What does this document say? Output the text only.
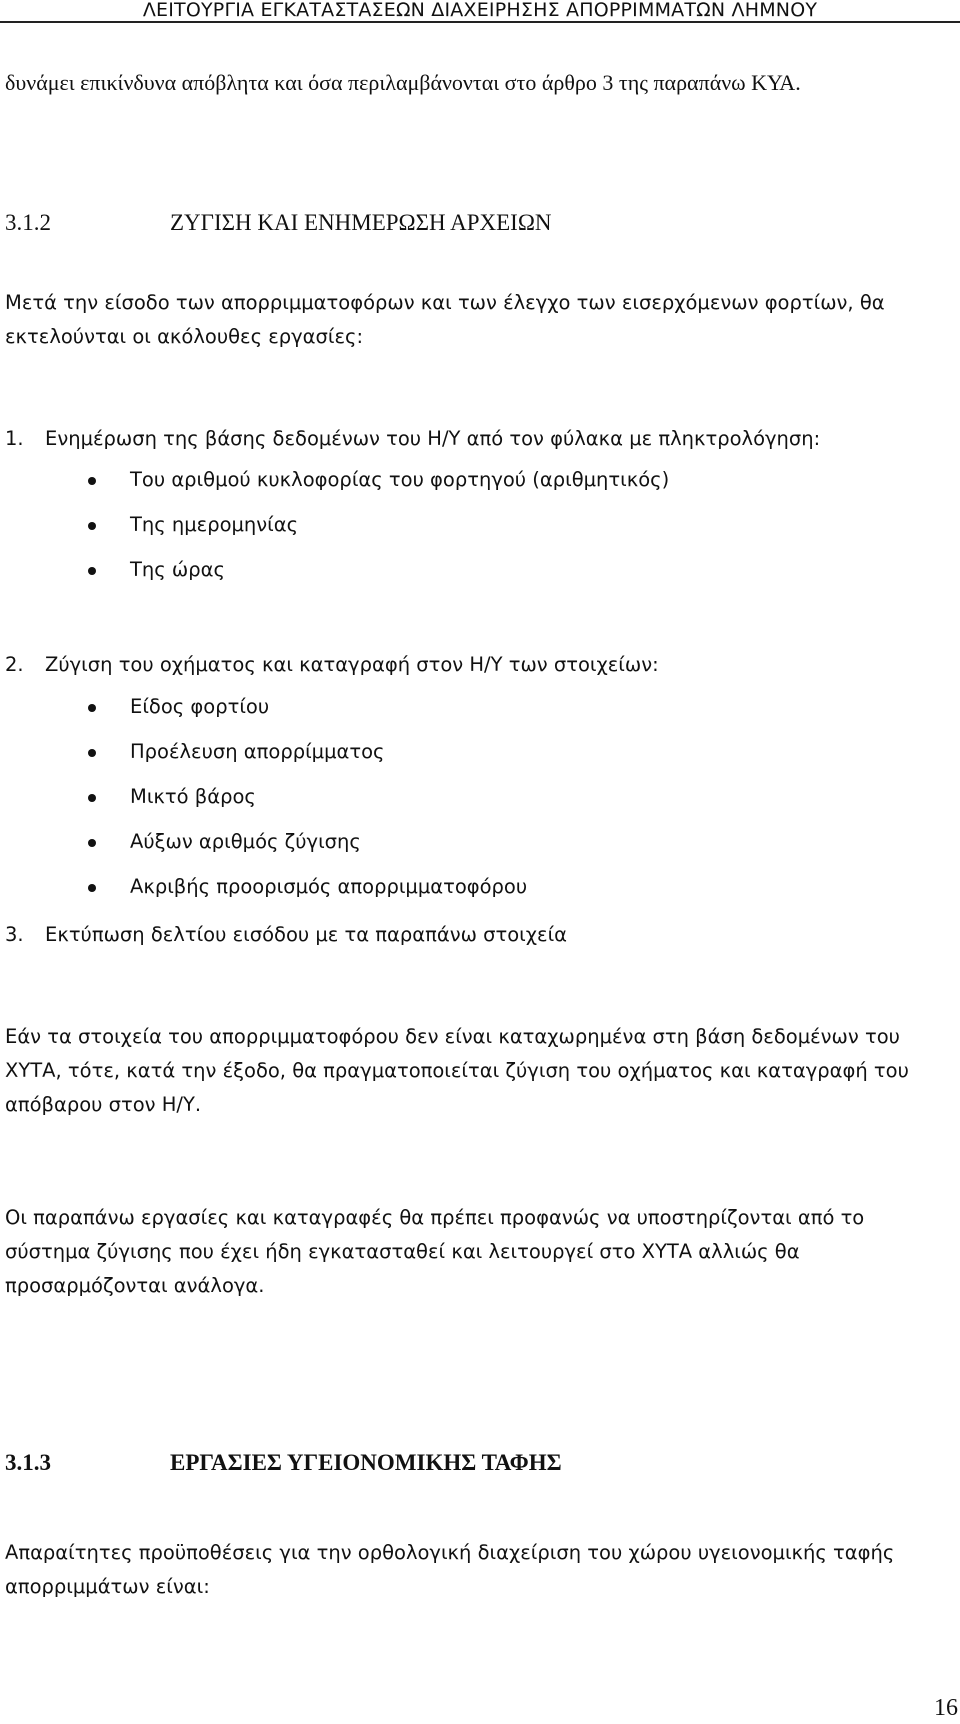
ΛΕΙΤΟΥΡΓΙΑ ΕΓΚΑΤΑΣΤΑΣΕΩΝ ΔΙΑΧΕΙΡΗΣΗΣ ΑΠΟΡΡΙΜΜΑΤΩΝ ΛΗΜΝΟΥ

δυνάμει επικίνδυνα απόβλητα και όσα περιλαμβάνονται στο άρθρο 3 της παραπάνω ΚΥΑ.

3.1.2	ΖΥΓΙΣΗ ΚΑΙ ΕΝΗΜΕΡΩΣΗ ΑΡΧΕΙΩΝ

Μετά την είσοδο των απορριμματοφόρων και των έλεγχο των εισερχόμενων φορτίων, θα εκτελούνται οι ακόλουθες εργασίες:

1. Ενημέρωση της βάσης δεδομένων του Η/Υ από τον φύλακα με πληκτρολόγηση:

Του αριθμού κυκλοφορίας του φορτηγού (αριθμητικός)
Της ημερομηνίας
Της ώρας

2. Ζύγιση του οχήματος και καταγραφή στον Η/Υ των στοιχείων:

Είδος φορτίου
Προέλευση απορρίμματος
Μικτό βάρος
Αύξων αριθμός ζύγισης
Ακριβής προορισμός απορριμματοφόρου

3. Εκτύπωση δελτίου εισόδου με τα παραπάνω στοιχεία

Εάν τα στοιχεία του απορριμματοφόρου δεν είναι καταχωρημένα στη βάση δεδομένων του ΧΥΤΑ, τότε, κατά την έξοδο, θα πραγματοποιείται ζύγιση του οχήματος και καταγραφή του απόβαρου στον Η/Υ.

Οι παραπάνω εργασίες και καταγραφές θα πρέπει προφανώς να υποστηρίζονται από το σύστημα ζύγισης που έχει ήδη εγκατασταθεί και λειτουργεί στο ΧΥΤΑ αλλιώς θα προσαρμόζονται ανάλογα.

3.1.3	ΕΡΓΑΣΙΕΣ ΥΓΕΙΟΝΟΜΙΚΗΣ ΤΑΦΗΣ

Απαραίτητες προϋποθέσεις για την ορθολογική διαχείριση του χώρου υγειονομικής ταφής απορριμμάτων είναι:

16
